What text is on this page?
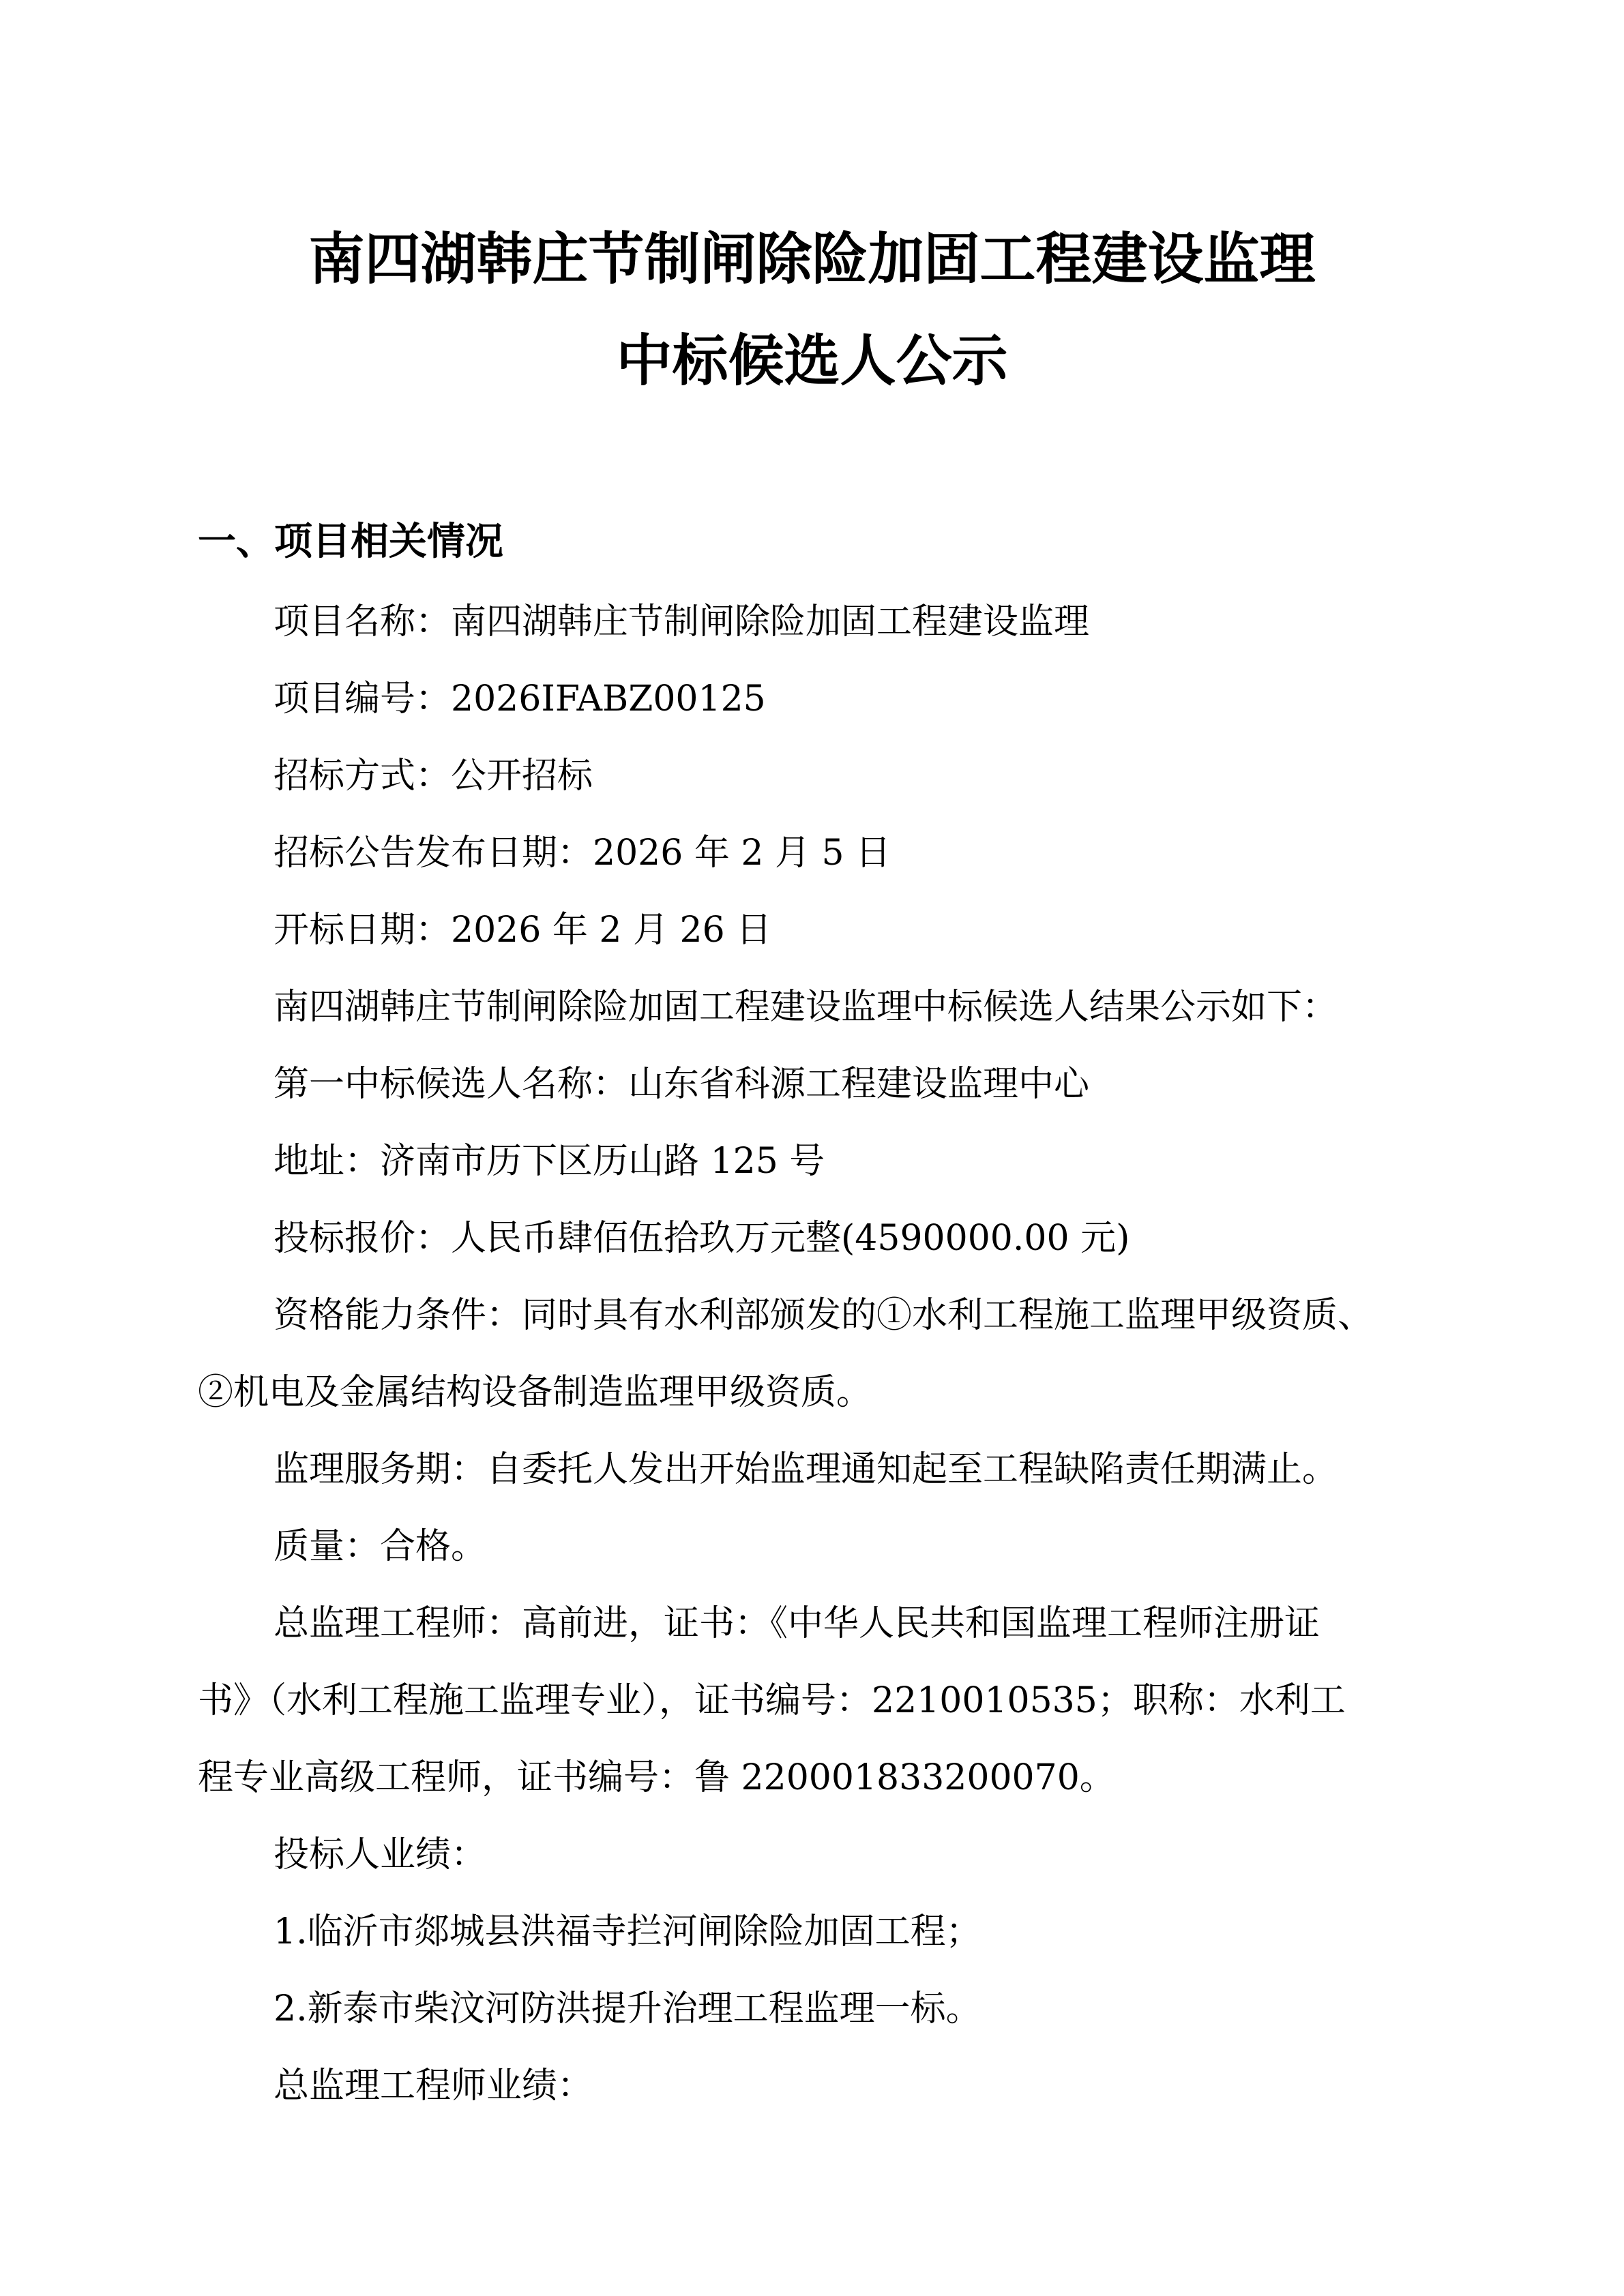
南四湖韩庄节制闸除险加固工程建设监理
中标候选人公示
一、项目相关情况
项目名称：南四湖韩庄节制闸除险加固工程建设监理
项目编号：2026IFABZ00125
招标方式：公开招标
招标公告发布日期：2026 年 2 月 5 日
开标日期：2026 年 2 月 26 日
南四湖韩庄节制闸除险加固工程建设监理中标候选人结果公示如下：
第一中标候选人名称：山东省科源工程建设监理中心
地址：济南市历下区历山路 125 号
投标报价：人民币肆佰伍拾玖万元整(4590000.00 元)
资格能力条件：同时具有水利部颁发的①水利工程施工监理甲级资质、
②机电及金属结构设备制造监理甲级资质。
监理服务期：自委托人发出开始监理通知起至工程缺陷责任期满止。
质量：合格。
总监理工程师：高前进，证书：《中华人民共和国监理工程师注册证
书》（水利工程施工监理专业），证书编号：2210010535；职称：水利工
程专业高级工程师，证书编号：鲁 220001833200070。
投标人业绩：
1.临沂市郯城县洪福寺拦河闸除险加固工程；
2.新泰市柴汶河防洪提升治理工程监理一标。
总监理工程师业绩：
